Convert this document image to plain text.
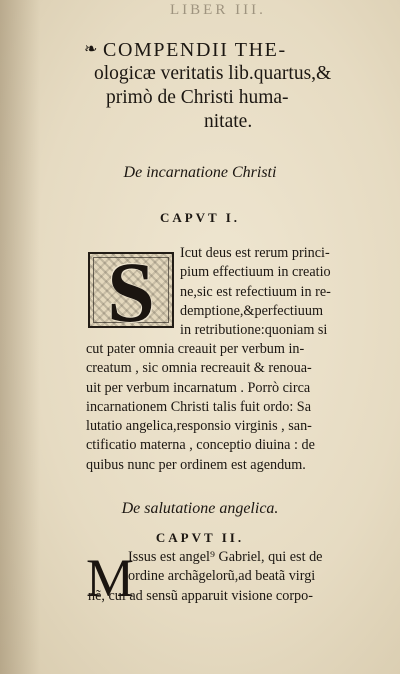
LIBER III.
❧ COMPENDII THE-
ologicæ veritatis lib.quartus,&
primò de Christi huma-
nitate.
De incarnatione Christi
CAPVT I.
S	Icut deus est rerum princi-
pium effectiuum in creatio
ne,sic est refectiuum in re-
demptione,&perfectiuum
in retributione:quoniam si
cut pater omnia creauit per verbum in-
creatum , sic omnia recreauit & renoua-
uit per verbum incarnatum . Porrò circa
incarnationem Christi talis fuit ordo: Sa
lutatio angelica,responsio virginis , san-
ctificatio materna , conceptio diuina : de
quibus nunc per ordinem est agendum.
De salutatione angelica.
CAPVT II.
M
Issus est angel⁹ Gabriel, qui est de
ordine archãgelorũ,ad beatã virgi
nẽ, cui ad sensũ apparuit visione corpo-
